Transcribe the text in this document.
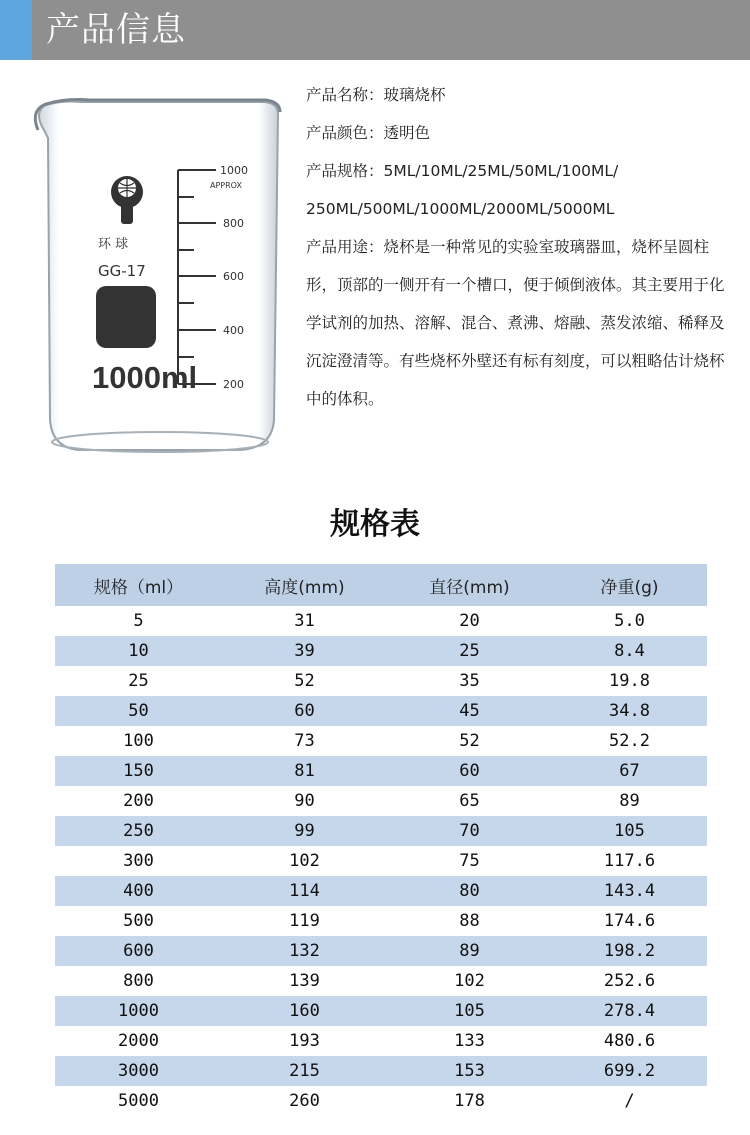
产品信息
环 球
GG-17
1000ml
1000
APPROX
800
600
400
200
产品名称：玻璃烧杯
产品颜色：透明色
产品规格：5ML/10ML/25ML/50ML/100ML/
250ML/500ML/1000ML/2000ML/5000ML
产品用途：烧杯是一种常见的实验室玻璃器皿，烧杯呈圆柱形，顶部的一侧开有一个槽口，便于倾倒液体。其主要用于化学试剂的加热、溶解、混合、煮沸、熔融、蒸发浓缩、稀释及沉淀澄清等。有些烧杯外壁还有标有刻度，可以粗略估计烧杯中的体积。
规格表
规格（ml）	高度(mm)	直径(mm)	净重(g)
5	31	20	5.0
10	39	25	8.4
25	52	35	19.8
50	60	45	34.8
100	73	52	52.2
150	81	60	67
200	90	65	89
250	99	70	105
300	102	75	117.6
400	114	80	143.4
500	119	88	174.6
600	132	89	198.2
800	139	102	252.6
1000	160	105	278.4
2000	193	133	480.6
3000	215	153	699.2
5000	260	178	/
